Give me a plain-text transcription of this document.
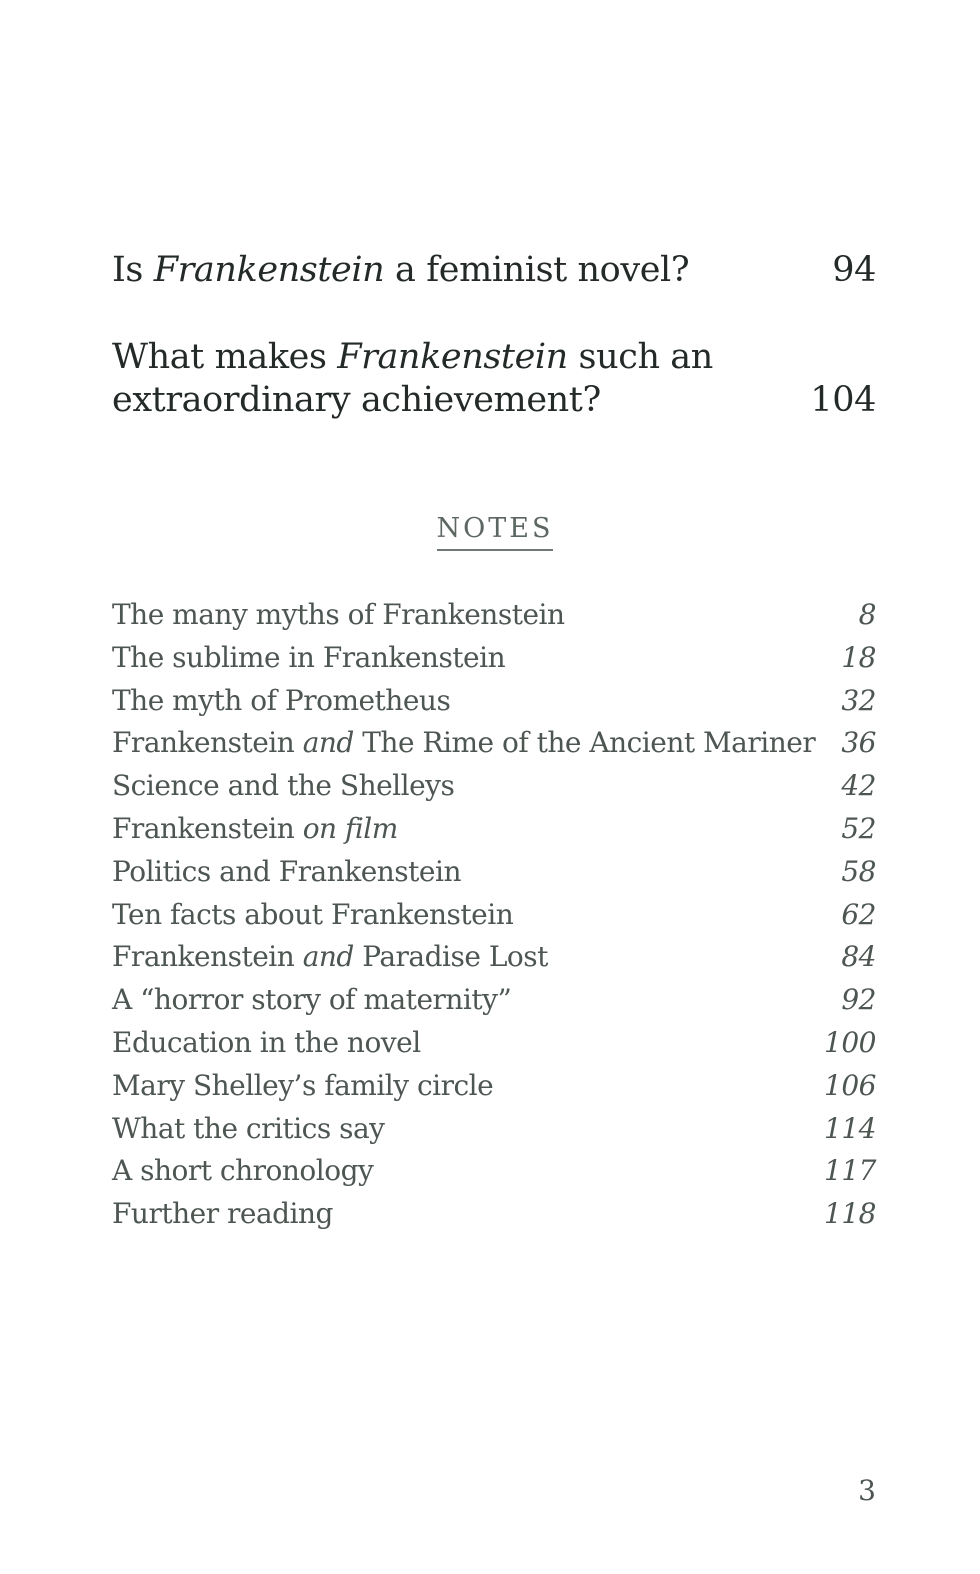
Is Frankenstein a feminist novel?	94
What makes Frankenstein such an extraordinary achievement?	104
NOTES
The many myths of Frankenstein	8
The sublime in Frankenstein	18
The myth of Prometheus	32
Frankenstein and The Rime of the Ancient Mariner 36
Science and the Shelleys	42
Frankenstein on film	52
Politics and Frankenstein	58
Ten facts about Frankenstein	62
Frankenstein and Paradise Lost	84
A “horror story of maternity”	92
Education in the novel	100
Mary Shelley’s family circle	106
What the critics say	114
A short chronology	117
Further reading	118
3
